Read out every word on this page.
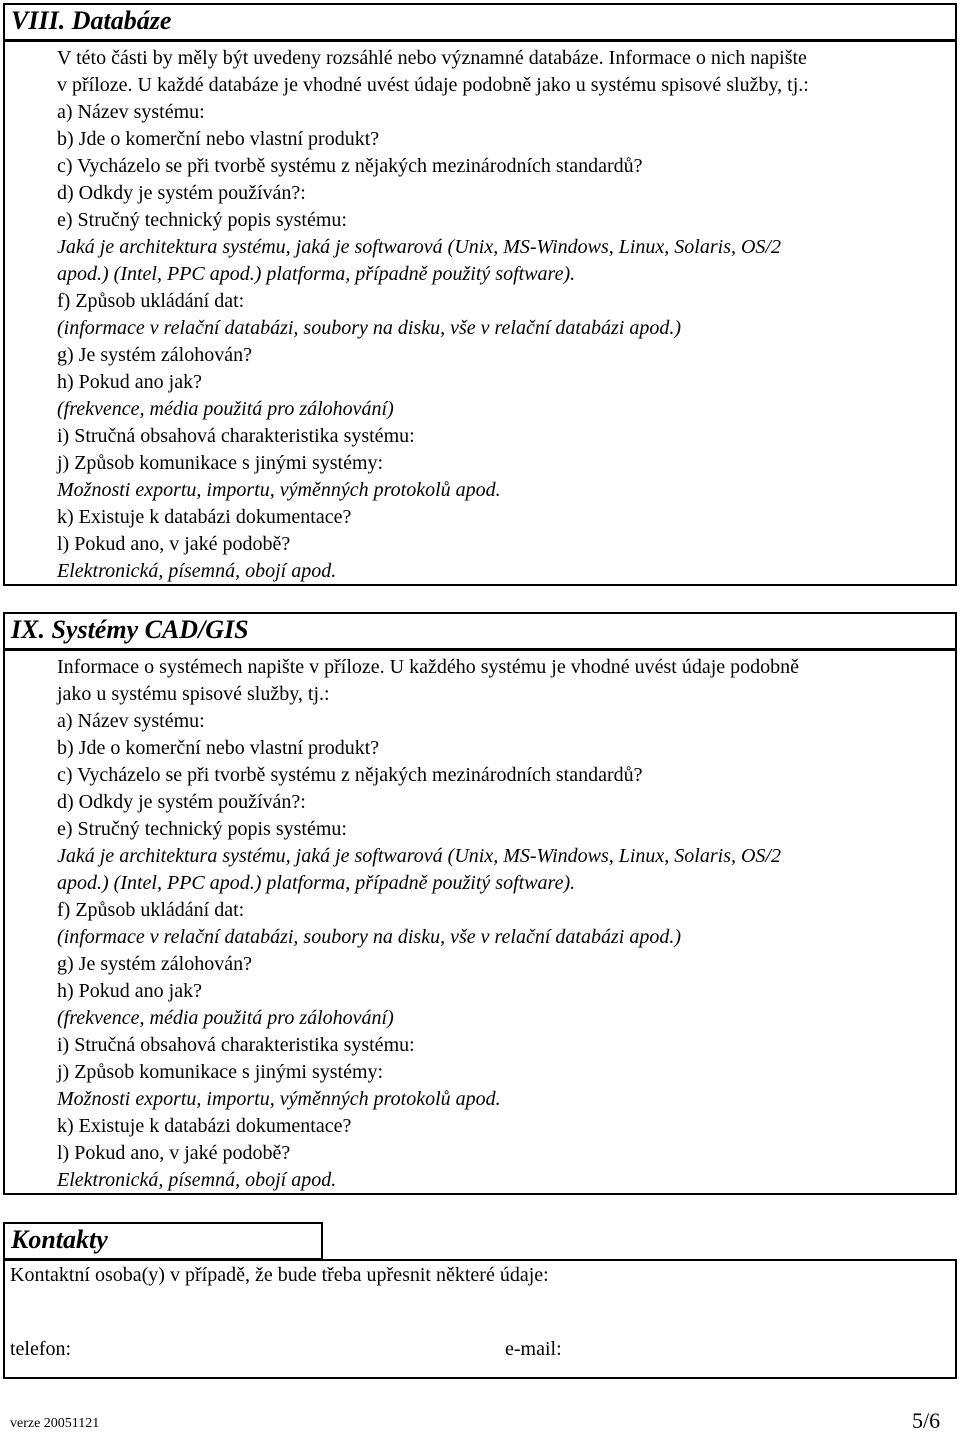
VIII. Databáze
V této části by měly být uvedeny rozsáhlé nebo významné databáze. Informace o nich napište
v příloze. U každé databáze je vhodné uvést údaje podobně jako u systému spisové služby, tj.:
a) Název systému:
b) Jde o komerční nebo vlastní produkt?
c) Vycházelo se při tvorbě systému z nějakých mezinárodních standardů?
d) Odkdy je systém používán?:
e) Stručný technický popis systému:
Jaká je architektura systému, jaká je softwarová (Unix, MS-Windows, Linux, Solaris, OS/2
apod.) (Intel, PPC apod.) platforma, případně použitý software).
f) Způsob ukládání dat:
(informace v relační databázi, soubory na disku, vše v relační databázi apod.)
g) Je systém zálohován?
h) Pokud ano jak?
(frekvence, média použitá pro zálohování)
i) Stručná obsahová charakteristika systému:
j) Způsob komunikace s jinými systémy:
Možnosti exportu, importu, výměnných protokolů apod.
k) Existuje k databázi dokumentace?
l) Pokud ano, v jaké podobě?
Elektronická, písemná, obojí apod.
IX. Systémy CAD/GIS
Informace o systémech napište v příloze. U každého systému je vhodné uvést údaje podobně
jako u systému spisové služby, tj.:
a) Název systému:
b) Jde o komerční nebo vlastní produkt?
c) Vycházelo se při tvorbě systému z nějakých mezinárodních standardů?
d) Odkdy je systém používán?:
e) Stručný technický popis systému:
Jaká je architektura systému, jaká je softwarová (Unix, MS-Windows, Linux, Solaris, OS/2
apod.) (Intel, PPC apod.) platforma, případně použitý software).
f) Způsob ukládání dat:
(informace v relační databázi, soubory na disku, vše v relační databázi apod.)
g) Je systém zálohován?
h) Pokud ano jak?
(frekvence, média použitá pro zálohování)
i) Stručná obsahová charakteristika systému:
j) Způsob komunikace s jinými systémy:
Možnosti exportu, importu, výměnných protokolů apod.
k) Existuje k databázi dokumentace?
l) Pokud ano, v jaké podobě?
Elektronická, písemná, obojí apod.
Kontakty
Kontaktní osoba(y) v případě, že bude třeba upřesnit některé údaje:
telefon:	e-mail:
verze 20051121	5/6
